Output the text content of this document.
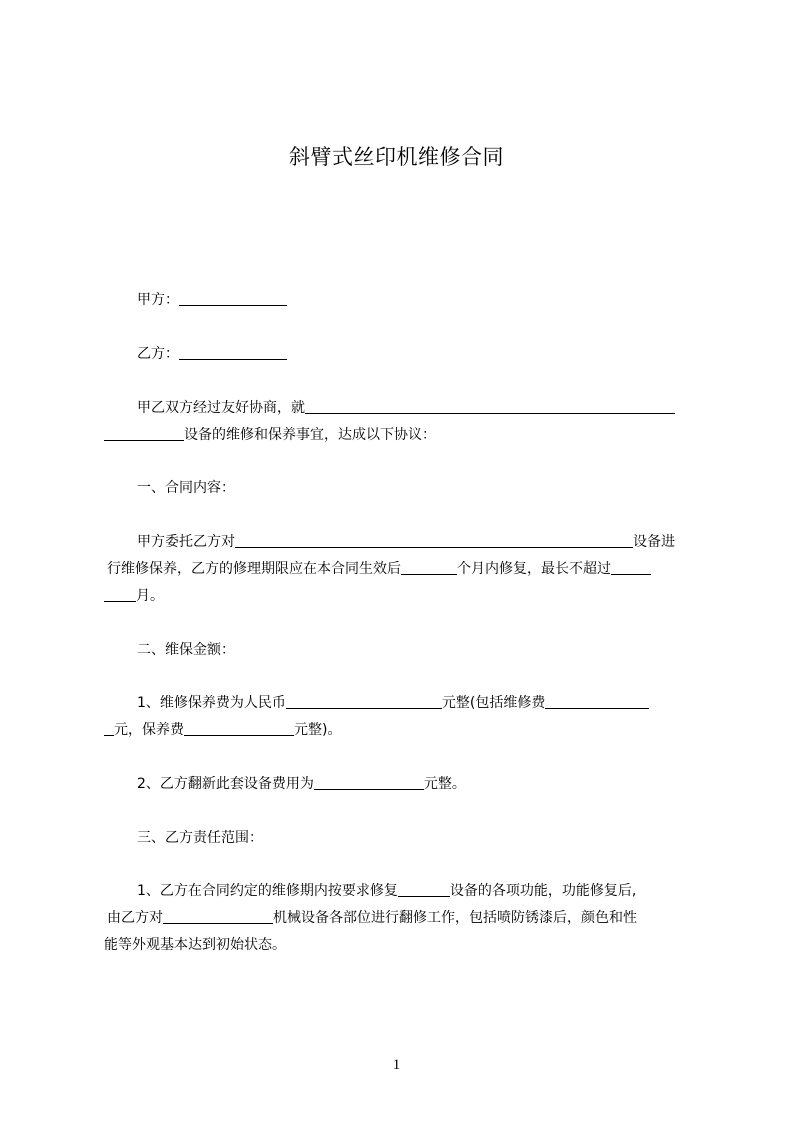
斜臂式丝印机维修合同
甲方：
乙方：
甲乙双方经过友好协商，就
设备的维修和保养事宜，达成以下协议：
一、合同内容：
甲方委托乙方对	设备进
行维修保养，乙方的修理期限应在本合同生效后	个月内修复，最长不超过
月。
二、维保金额：
1、维修保养费为人民币	元整(包括维修费
元，保养费	元整)。
2、乙方翻新此套设备费用为	元整。
三、乙方责任范围：
1、乙方在合同约定的维修期内按要求修复	设备的各项功能，功能修复后,
由乙方对	机械设备各部位进行翻修工作，包括喷防锈漆后，颜色和性
能等外观基本达到初始状态。
1
